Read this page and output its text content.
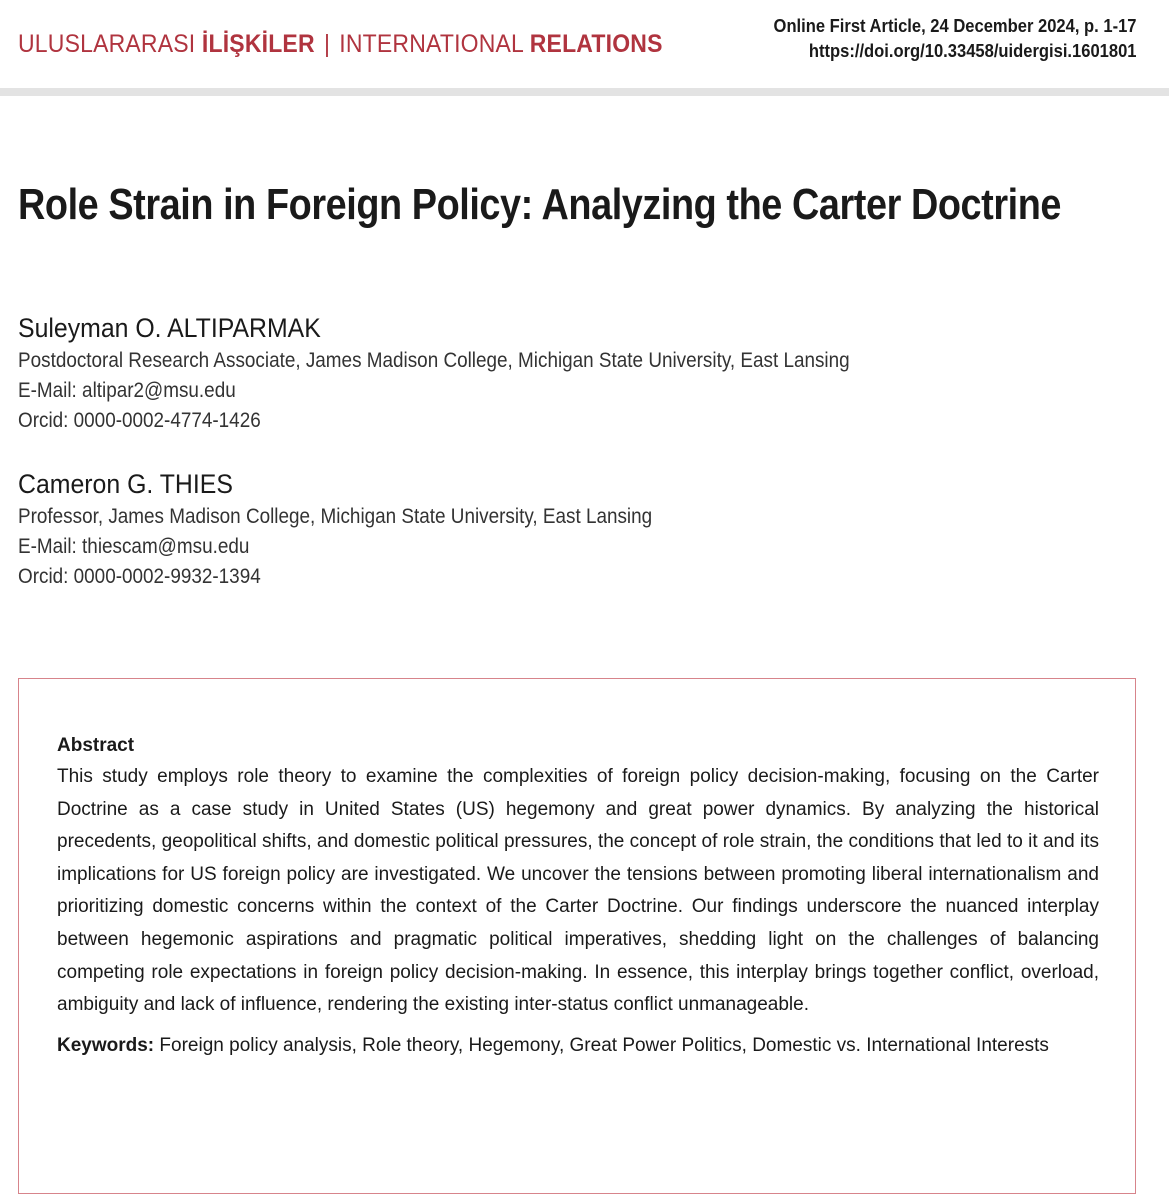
ULUSLARARASI İLİŞKİLER | INTERNATIONAL RELATIONS
Online First Article, 24 December 2024, p. 1-17
https://doi.org/10.33458/uidergisi.1601801
Role Strain in Foreign Policy: Analyzing the Carter Doctrine
Suleyman O. ALTIPARMAK
Postdoctoral Research Associate, James Madison College, Michigan State University, East Lansing
E-Mail: altipar2@msu.edu
Orcid: 0000-0002-4774-1426
Cameron G. THIES
Professor, James Madison College, Michigan State University, East Lansing
E-Mail: thiescam@msu.edu
Orcid: 0000-0002-9932-1394
Abstract

This study employs role theory to examine the complexities of foreign policy decision-making, focusing on the Carter Doctrine as a case study in United States (US) hegemony and great power dynamics. By analyzing the historical precedents, geopolitical shifts, and domestic political pressures, the concept of role strain, the conditions that led to it and its implications for US foreign policy are investigated. We uncover the tensions between promoting liberal internationalism and prioritizing domestic concerns within the context of the Carter Doctrine. Our findings underscore the nuanced interplay between hegemonic aspirations and pragmatic political imperatives, shedding light on the challenges of balancing competing role expectations in foreign policy decision-making. In essence, this interplay brings together conflict, overload, ambiguity and lack of influence, rendering the existing inter-status conflict unmanageable.

Keywords: Foreign policy analysis, Role theory, Hegemony, Great Power Politics, Domestic vs. International Interests
